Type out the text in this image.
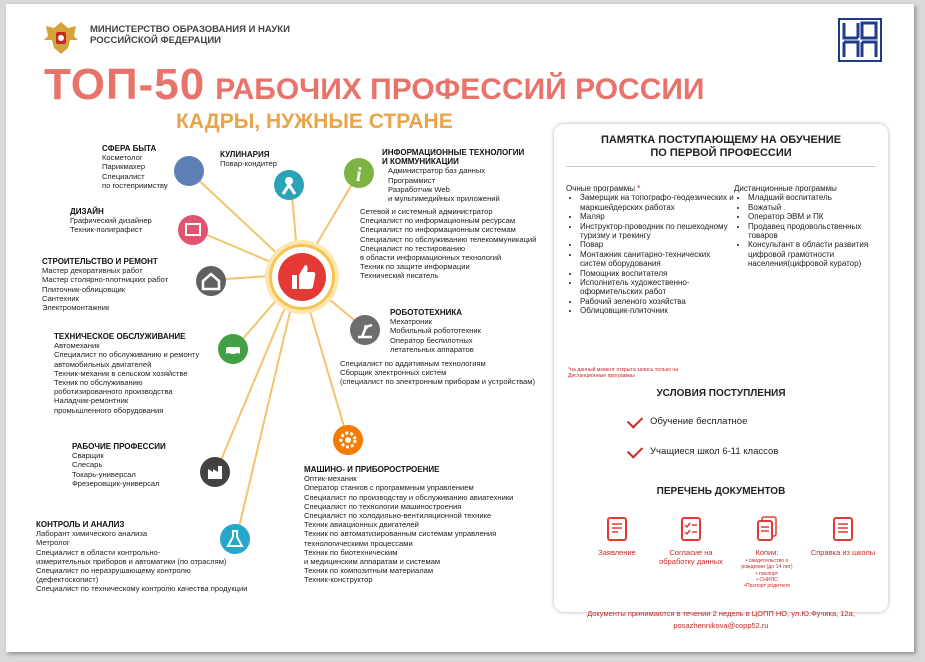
МИНИСТЕРСТВО ОБРАЗОВАНИЯ И НАУКИ
РОССИЙСКОЙ ФЕДЕРАЦИИ
ТОП-50 РАБОЧИХ ПРОФЕССИЙ РОССИИ
КАДРЫ, НУЖНЫЕ СТРАНЕ
i
СФЕРА БЫТА
Косметолог
Парикмахер
Специалист
по гостеприимству
КУЛИНАРИЯ
Повар-кондитер
ИНФОРМАЦИОННЫЕ ТЕХНОЛОГИИ
И КОММУНИКАЦИИ
Администратор баз данных
Программист
Разработчик Web
и мультимедийных приложений
Сетевой и системный администратор
Специалист по информационным ресурсам
Специалист по информационным системам
Специалист по обслуживанию телекоммуникаций
Специалист по тестированию
в области информационных технологий
Техник по защите информации
Технический писатель
ДИЗАЙН
Графический дизайнер
Техник-полиграфист
СТРОИТЕЛЬСТВО И РЕМОНТ
Мастер декоративных работ
Мастер столярно-плотницких работ
Плиточник-облицовщик
Сантехник
Электромонтажник
РОБОТОТЕХНИКА
Мехатроник
Мобильный робототехник
Оператор беспилотных
летательных аппаратов
Специалист по аддитивным технологиям
Сборщик электронных систем
(специалист по электронным приборам и устройствам)
ТЕХНИЧЕСКОЕ ОБСЛУЖИВАНИЕ
Автомеханик
Специалист по обслуживанию и ремонту
автомобильных двигателей
Техник-механик в сельском хозяйстве
Техник по обслуживанию
роботизированного производства
Наладчик-ремонтник
промышленного оборудования
РАБОЧИЕ ПРОФЕССИИ
Сварщик
Слесарь
Токарь-универсал
Фрезеровщик-универсал
МАШИНО- И ПРИБОРОСТРОЕНИЕ
Оптик-механик
Оператор станков с программным управлением
Специалист по производству и обслуживанию авиатехники
Специалист по технологии машиностроения
Специалист по холодильно-вентиляционной технике
Техник авиационных двигателей
Техник по автоматизированным системам управления
технологическими процессами
Техник по биотехническим
и медицинским аппаратам и системам
Техник по композитным материалам
Техник-конструктор
КОНТРОЛЬ И АНАЛИЗ
Лаборант химического анализа
Метролог
Специалист в области контрольно-
измерительных приборов и автоматики (по отраслям)
Специалист по неразрушающему контролю
(дефектоскопист)
Специалист по техническому контролю качества продукции
ПАМЯТКА ПОСТУПАЮЩЕМУ НА ОБУЧЕНИЕ
ПО ПЕРВОЙ ПРОФЕССИИ
Очные программы *
• Замерщик на топографо-геодезических и маркшейдерских работах
• Маляр
• Инструктор-проводник по пешеходному туризму и трекингу
• Повар
• Монтажник санитарно-технических систем оборудования
• Помощник воспитателя
• Исполнитель художественно-оформительских работ
• Рабочий зеленого хозяйства
• Облицовщик-плиточник
*на данный момент открыта запись только на
Дистанционные программы
Дистанционные программы
• Младший воспитатель
• Вожатый
• Оператор ЭВМ и ПК
• Продавец продовольственных товаров
• Консультант в области развития цифровой грамотности населения(цифровой куратор)
УСЛОВИЯ ПОСТУПЛЕНИЯ
Обучение бесплатное
Учащиеся школ 6-11 классов
ПЕРЕЧЕНЬ ДОКУМЕНТОВ
Заявление	Согласие на обработку данных
Копии:
• свидетельство о
рождении (до 14 лет)
• паспорт
• СНИЛС
•Паспорт родителя
Справка из школы
Документы принимаются в течении 2 недель в ЦОПП НО, ул.Ю.Фучика, 12а,
posazhennikova@copp52.ru
